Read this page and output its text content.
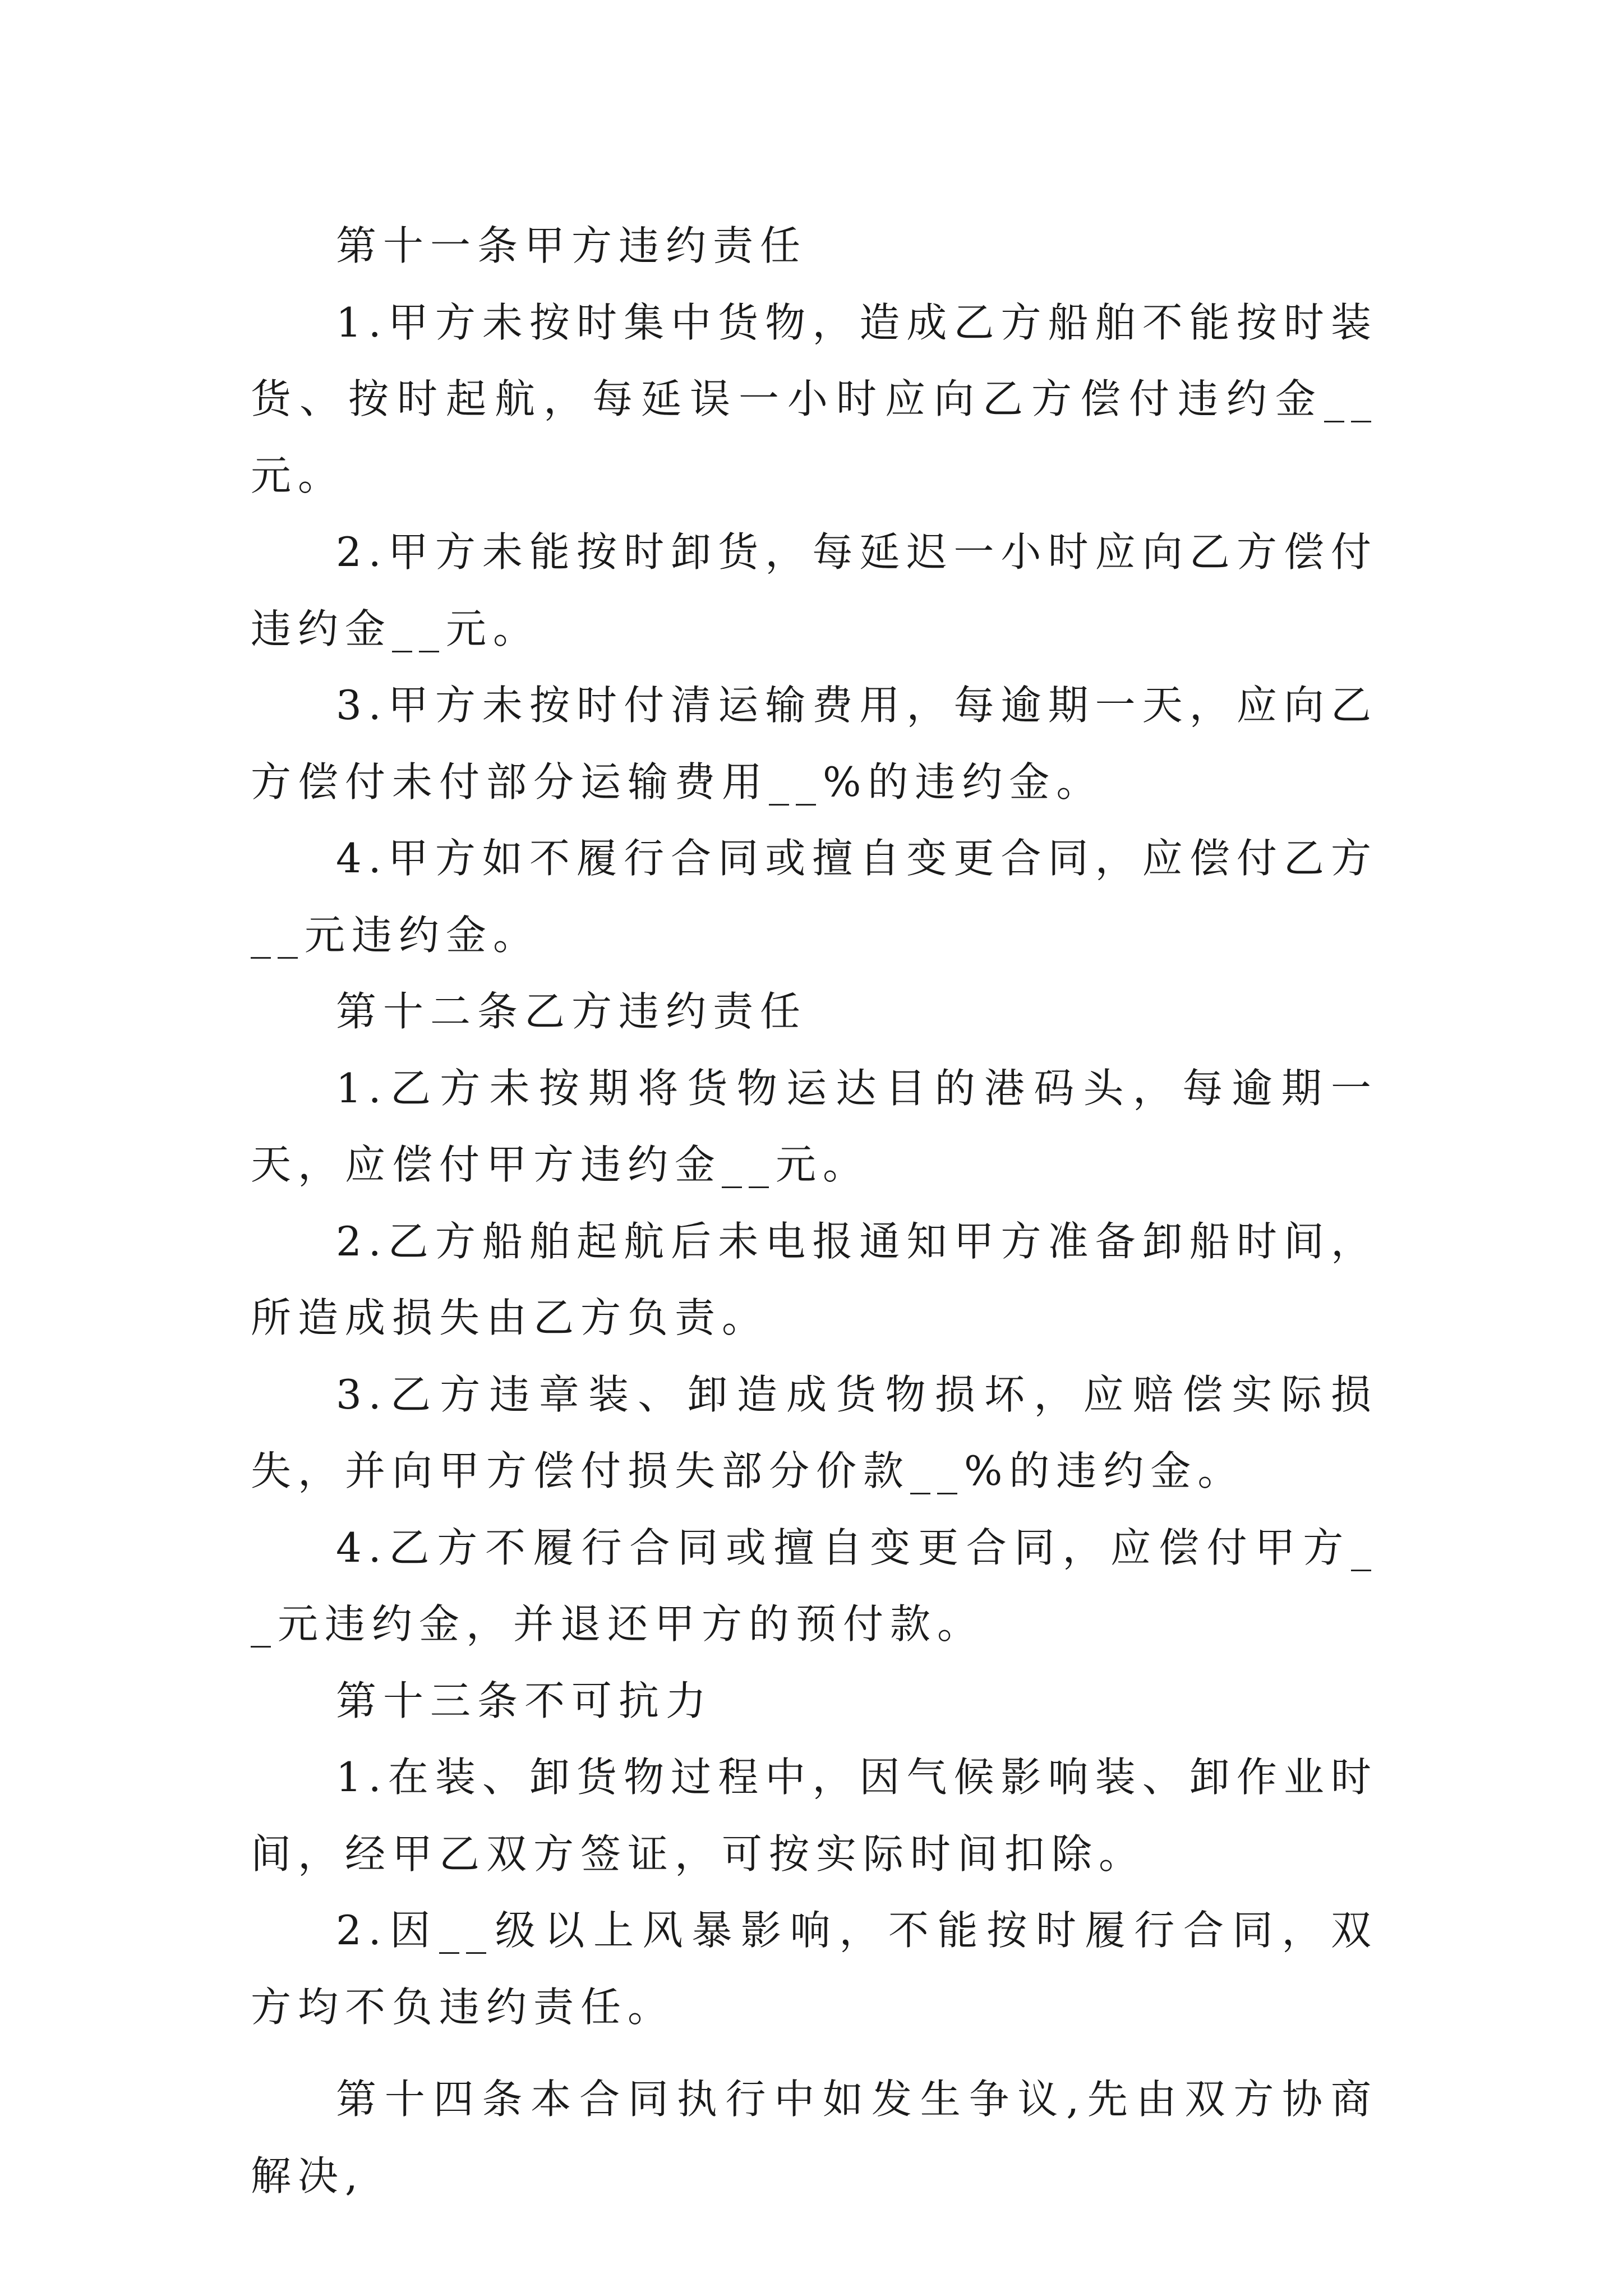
第十一条甲方违约责任

1.甲方未按时集中货物，造成乙方船舶不能按时装货、按时起航，每延误一小时应向乙方偿付违约金__元。

2.甲方未能按时卸货，每延迟一小时应向乙方偿付违约金__元。

3.甲方未按时付清运输费用，每逾期一天，应向乙方偿付未付部分运输费用__%的违约金。

4.甲方如不履行合同或擅自变更合同，应偿付乙方__元违约金。

第十二条乙方违约责任

1.乙方未按期将货物运达目的港码头，每逾期一天，应偿付甲方违约金__元。

2.乙方船舶起航后未电报通知甲方准备卸船时间，所造成损失由乙方负责。

3.乙方违章装、卸造成货物损坏，应赔偿实际损失，并向甲方偿付损失部分价款__%的违约金。

4.乙方不履行合同或擅自变更合同，应偿付甲方__元违约金，并退还甲方的预付款。

第十三条不可抗力

1.在装、卸货物过程中，因气候影响装、卸作业时间，经甲乙双方签证，可按实际时间扣除。

2.因__级以上风暴影响，不能按时履行合同，双方均不负违约责任。

第十四条本合同执行中如发生争议,先由双方协商解决,
